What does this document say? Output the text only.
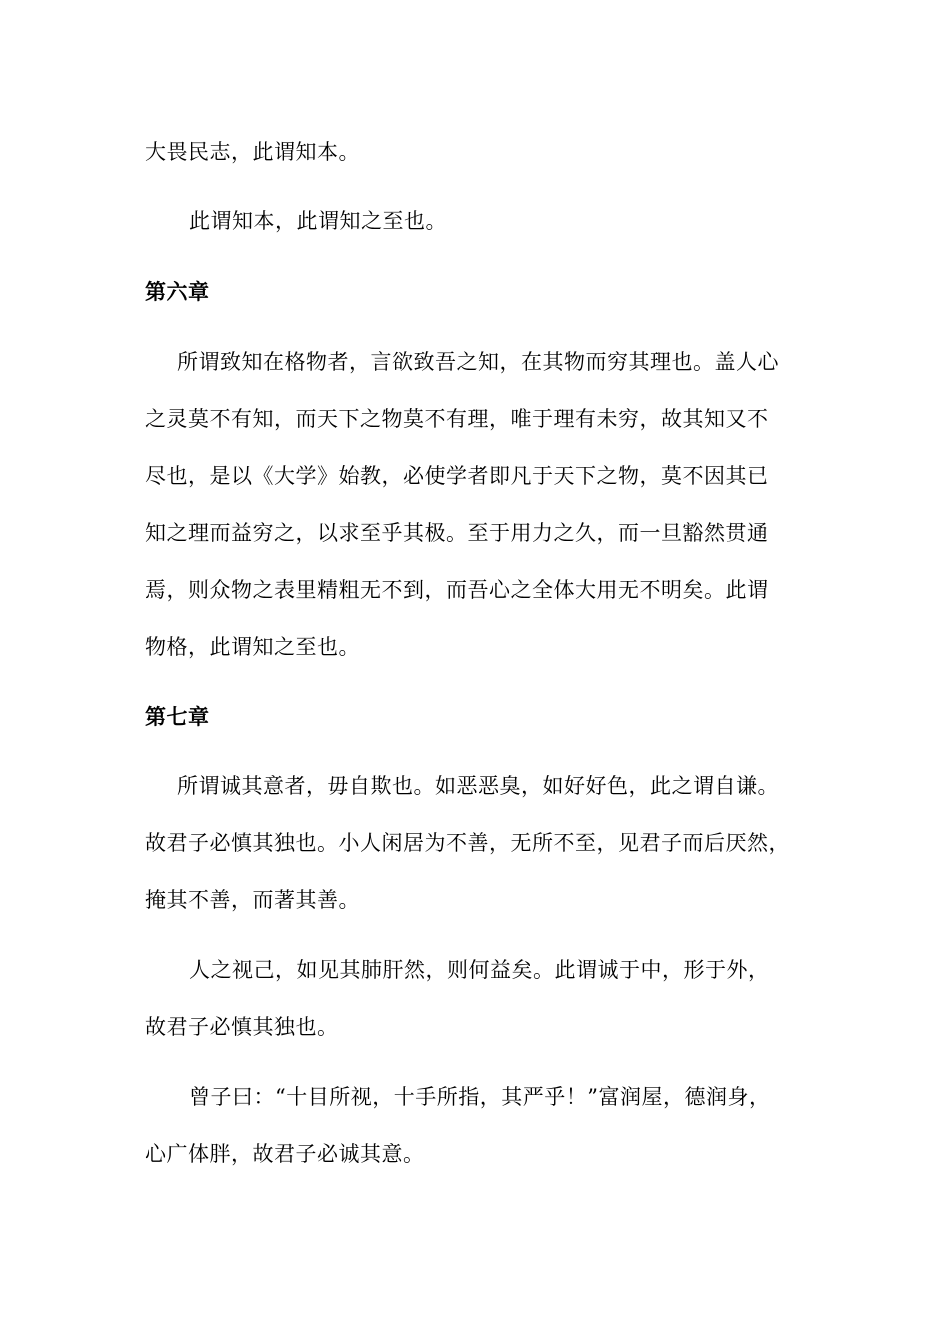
大畏民志，此谓知本。
此谓知本，此谓知之至也。
第六章
所谓致知在格物者，言欲致吾之知，在其物而穷其理也。盖人心
之灵莫不有知，而天下之物莫不有理，唯于理有未穷，故其知又不
尽也，是以《大学》始教，必使学者即凡于天下之物，莫不因其已
知之理而益穷之，以求至乎其极。至于用力之久，而一旦豁然贯通
焉，则众物之表里精粗无不到，而吾心之全体大用无不明矣。此谓
物格，此谓知之至也。
第七章
所谓诚其意者，毋自欺也。如恶恶臭，如好好色，此之谓自谦。
故君子必慎其独也。小人闲居为不善，无所不至，见君子而后厌然，
掩其不善，而著其善。
人之视己，如见其肺肝然，则何益矣。此谓诚于中，形于外，
故君子必慎其独也。
曾子曰：“十目所视，十手所指，其严乎！”富润屋，德润身，
心广体胖，故君子必诚其意。
